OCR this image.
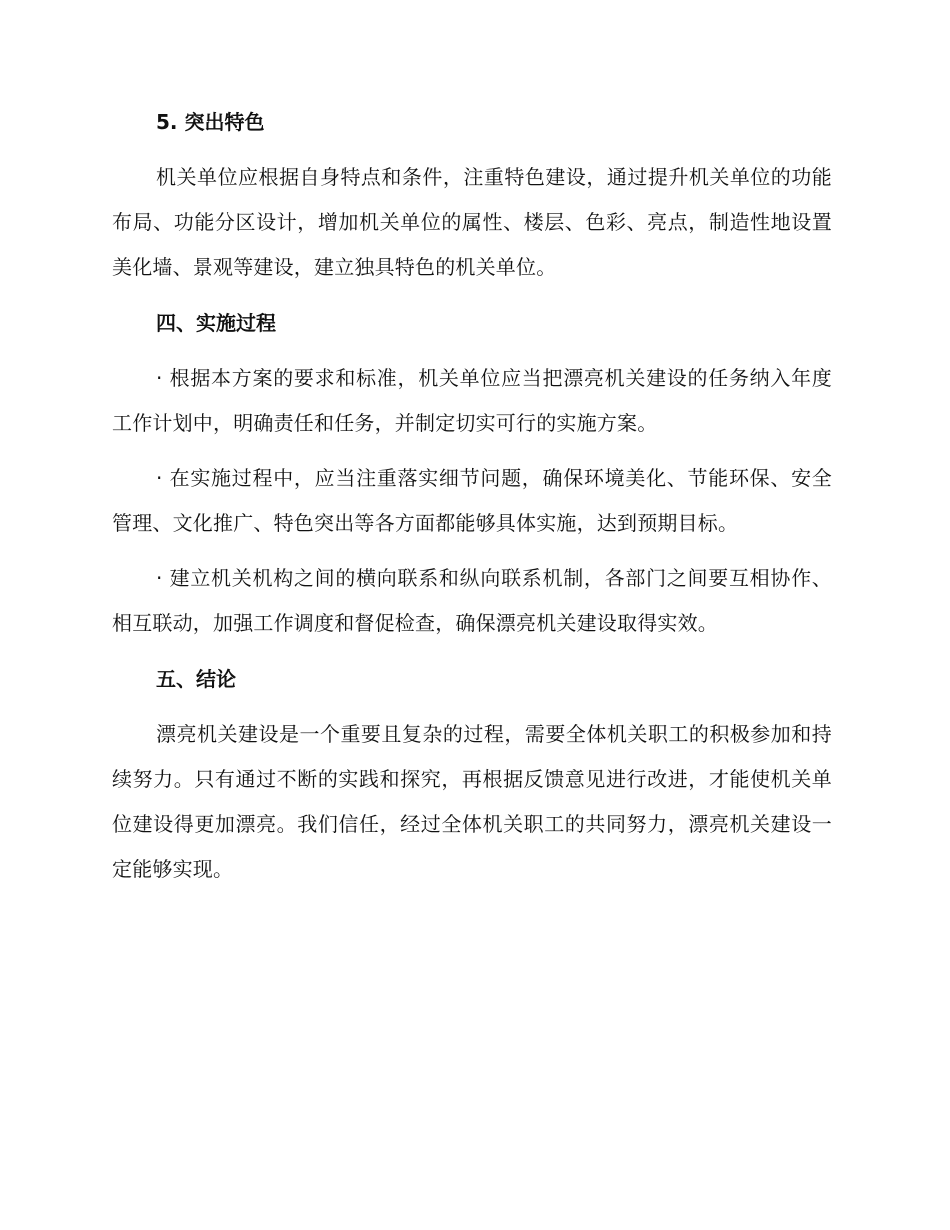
5. 突出特色

机关单位应根据自身特点和条件，注重特色建设，通过提升机关单位的功能布局、功能分区设计，增加机关单位的属性、楼层、色彩、亮点，制造性地设置美化墙、景观等建设，建立独具特色的机关单位。

四、实施过程

· 根据本方案的要求和标准，机关单位应当把漂亮机关建设的任务纳入年度工作计划中，明确责任和任务，并制定切实可行的实施方案。

· 在实施过程中，应当注重落实细节问题，确保环境美化、节能环保、安全管理、文化推广、特色突出等各方面都能够具体实施，达到预期目标。

· 建立机关机构之间的横向联系和纵向联系机制，各部门之间要互相协作、相互联动，加强工作调度和督促检查，确保漂亮机关建设取得实效。

五、结论

漂亮机关建设是一个重要且复杂的过程，需要全体机关职工的积极参加和持续努力。只有通过不断的实践和探究，再根据反馈意见进行改进，才能使机关单位建设得更加漂亮。我们信任，经过全体机关职工的共同努力，漂亮机关建设一定能够实现。
